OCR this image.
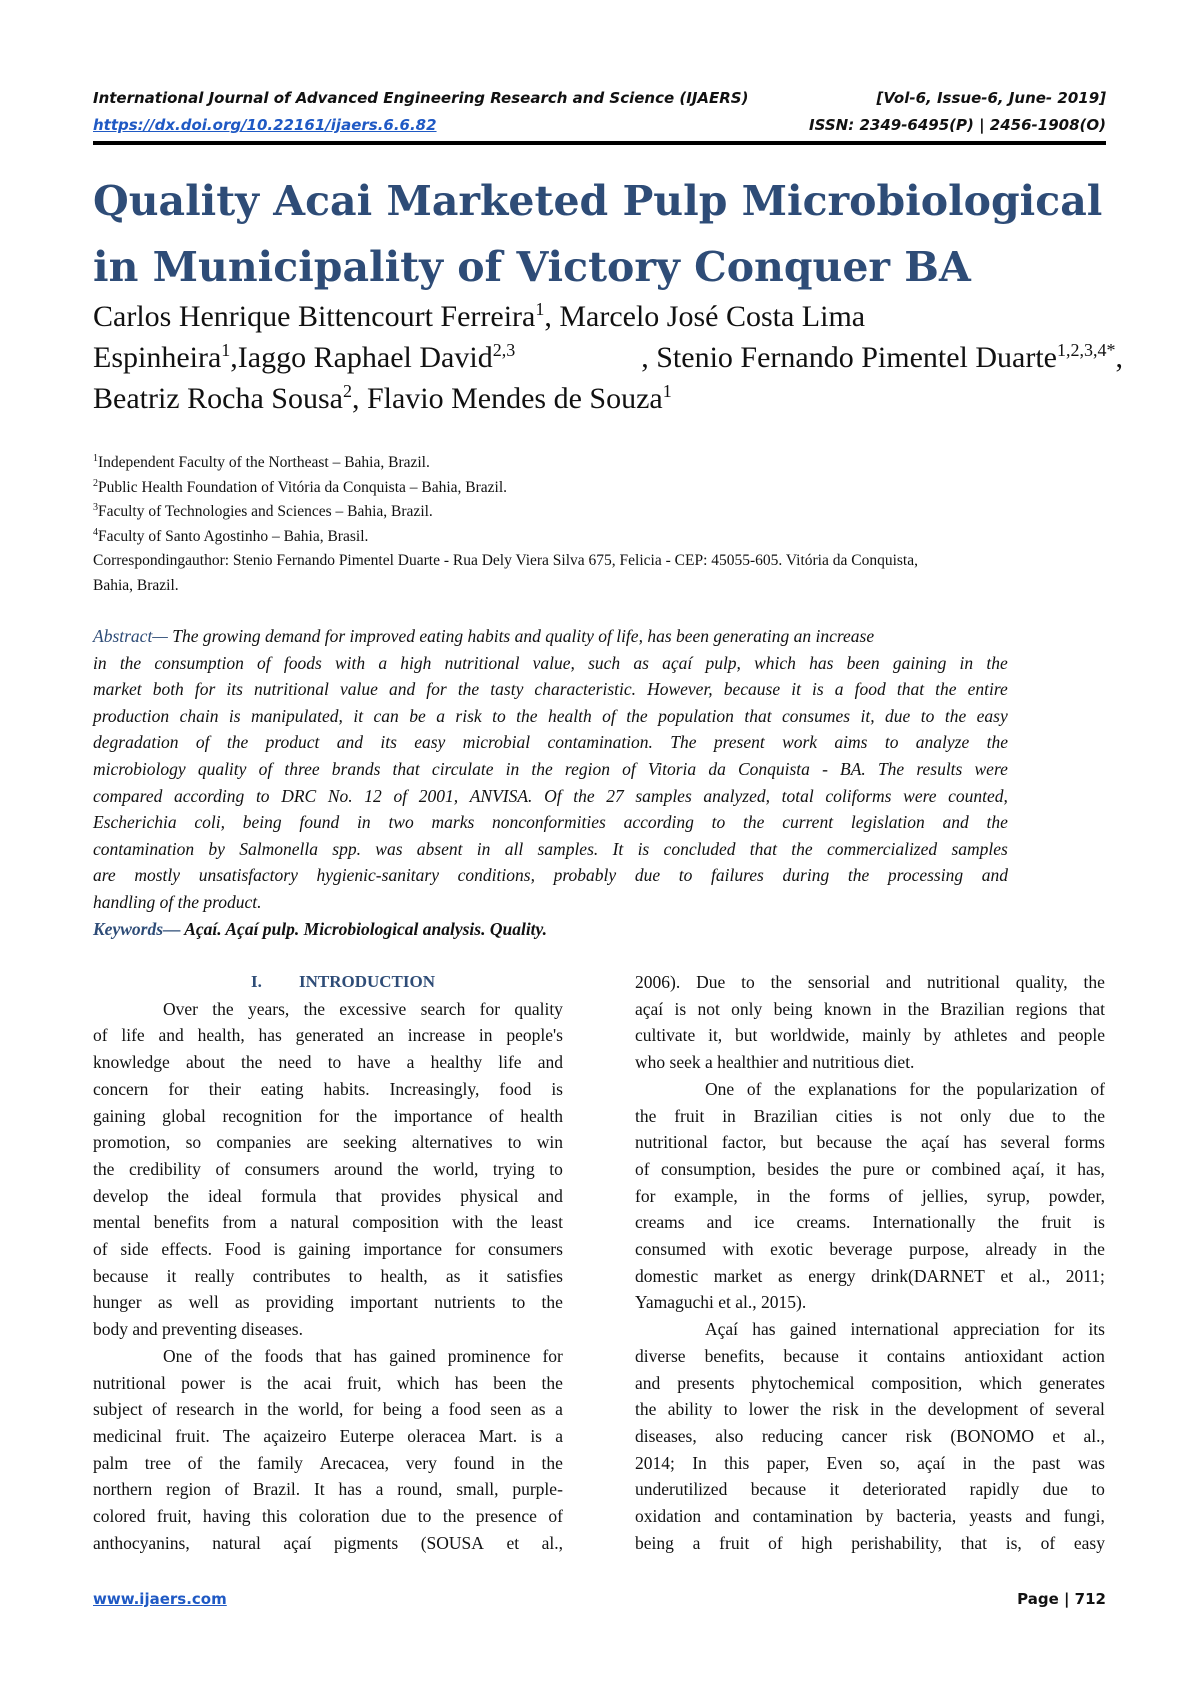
International Journal of Advanced Engineering Research and Science (IJAERS)	[Vol-6, Issue-6, June- 2019]
https://dx.doi.org/10.22161/ijaers.6.6.82	ISSN: 2349-6495(P) | 2456-1908(O)
Quality Acai Marketed Pulp Microbiological in Municipality of Victory Conquer BA
Carlos Henrique Bittencourt Ferreira$^1$, Marcelo José Costa Lima
Espinheira$^1$,Iaggo Raphael David$^{2,3}$	, Stenio Fernando Pimentel Duarte$^{1,2,3,4*}$,
Beatriz Rocha Sousa$^2$, Flavio Mendes de Souza$^1$
$^1$Independent Faculty of the Northeast – Bahia, Brazil.
$^2$Public Health Foundation of Vitória da Conquista – Bahia, Brazil.
$^3$Faculty of Technologies and Sciences – Bahia, Brazil.
$^4$Faculty of Santo Agostinho – Bahia, Brasil.
Correspondingauthor: Stenio Fernando Pimentel Duarte - Rua Dely Viera Silva 675, Felicia - CEP: 45055-605. Vitória da Conquista,
Bahia, Brazil.
Abstract— The growing demand for improved eating habits and quality of life, has been generating an increase
in the consumption of foods with a high nutritional value, such as açaí pulp, which has been gaining in the
market both for its nutritional value and for the tasty characteristic. However, because it is a food that the entire
production chain is manipulated, it can be a risk to the health of the population that consumes it, due to the easy
degradation of the product and its easy microbial contamination. The present work aims to analyze the
microbiology quality of three brands that circulate in the region of Vitoria da Conquista - BA. The results were
compared according to DRC No. 12 of 2001, ANVISA. Of the 27 samples analyzed, total coliforms were counted,
Escherichia coli, being found in two marks nonconformities according to the current legislation and the
contamination by Salmonella spp. was absent in all samples. It is concluded that the commercialized samples
are mostly unsatisfactory hygienic-sanitary conditions, probably due to failures during the processing and
handling of the product.
Keywords— Açaí. Açaí pulp. Microbiological analysis. Quality.
I. INTRODUCTION
Over the years, the excessive search for quality
of life and health, has generated an increase in people's
knowledge about the need to have a healthy life and
concern for their eating habits. Increasingly, food is
gaining global recognition for the importance of health
promotion, so companies are seeking alternatives to win
the credibility of consumers around the world, trying to
develop the ideal formula that provides physical and
mental benefits from a natural composition with the least
of side effects. Food is gaining importance for consumers
because it really contributes to health, as it satisfies
hunger as well as providing important nutrients to the
body and preventing diseases.
One of the foods that has gained prominence for
nutritional power is the acai fruit, which has been the
subject of research in the world, for being a food seen as a
medicinal fruit. The açaizeiro Euterpe oleracea Mart. is a
palm tree of the family Arecacea, very found in the
northern region of Brazil. It has a round, small, purple-
colored fruit, having this coloration due to the presence of
anthocyanins, natural açaí pigments (SOUSA et al.,
2006). Due to the sensorial and nutritional quality, the
açaí is not only being known in the Brazilian regions that
cultivate it, but worldwide, mainly by athletes and people
who seek a healthier and nutritious diet.
One of the explanations for the popularization of
the fruit in Brazilian cities is not only due to the
nutritional factor, but because the açaí has several forms
of consumption, besides the pure or combined açaí, it has,
for example, in the forms of jellies, syrup, powder,
creams and ice creams. Internationally the fruit is
consumed with exotic beverage purpose, already in the
domestic market as energy drink(DARNET et al., 2011;
Yamaguchi et al., 2015).
Açaí has gained international appreciation for its
diverse benefits, because it contains antioxidant action
and presents phytochemical composition, which generates
the ability to lower the risk in the development of several
diseases, also reducing cancer risk (BONOMO et al.,
2014; In this paper, Even so, açaí in the past was
underutilized because it deteriorated rapidly due to
oxidation and contamination by bacteria, yeasts and fungi,
being a fruit of high perishability, that is, of easy
www.ijaers.com	Page | 712
